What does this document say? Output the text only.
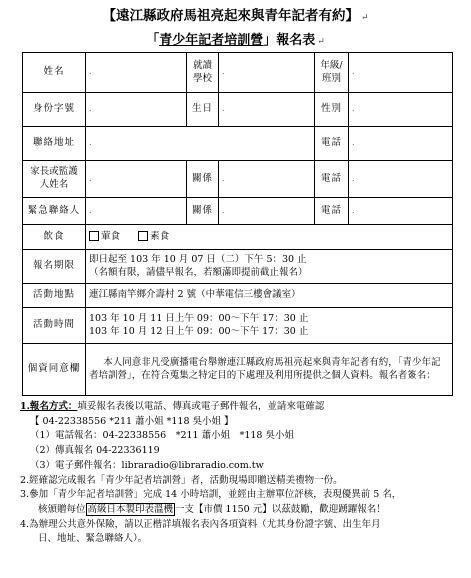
【遠江縣政府馬祖亮起來與青年記者有約】 ↵
「青少年記者培訓營」報名表 ↵
姓名	.	就讀學校	.	年級/班別	.
身份字號	.	生日	.	性別	.
聯絡地址	.			電話	.
家長或監護人姓名	.	關係	.	電話	.
緊急聯絡人	.	關係	.	電話	.
飲食	葷食 素食				
報名期限	即日起至 103 年 10 月 07 日（二）下午 5：30 止
（名額有限，請儘早報名，若額滿即提前截止報名）				

活動地點	連江縣南竿鄉介壽村 2 號（中華電信三樓會議室）				
活動時間	103 年 10 月 11 日上午 09：00～下午 17：30 止
103 年 10 月 12 日上午 09：00～下午 17：30 止				

個資同意欄	本人同意非凡受廣播電台舉辦連江縣政府馬祖亮起來與青年記者有約，「青少年記者培訓營」，在符合蒐集之特定目的下處理及利用所提供之個人資料。報名者簽名：				

1.報名方式：填妥報名表後以電話、傳真或電子郵件報名，並請來電確認

【 04-22338556 *211 蕭小姐 *118 吳小姐 】

（1）電話報名：04-22338556　*211 蕭小姐　*118 吳小姐

（2）傳真報名 04-22336119

（3）電子郵件報名：libraradio@libraradio.com.tw

2.經確認完成報名「青少年記者培訓營」者，活動現場即贈送精美禮物一份。

3.參加「青少年記者培訓營」完成 14 小時培訓，並經由主辦單位評核，表現優異前 5 名，

核頒贈每位 高級日本製印表溫機 一支【市價 1150 元】以茲鼓勵，歡迎踴躍報名！

4.為辦理公共意外保險，請以正楷詳填報名表內各項資料（尤其身份證字號、出生年月

日、地址、緊急聯絡人）。
